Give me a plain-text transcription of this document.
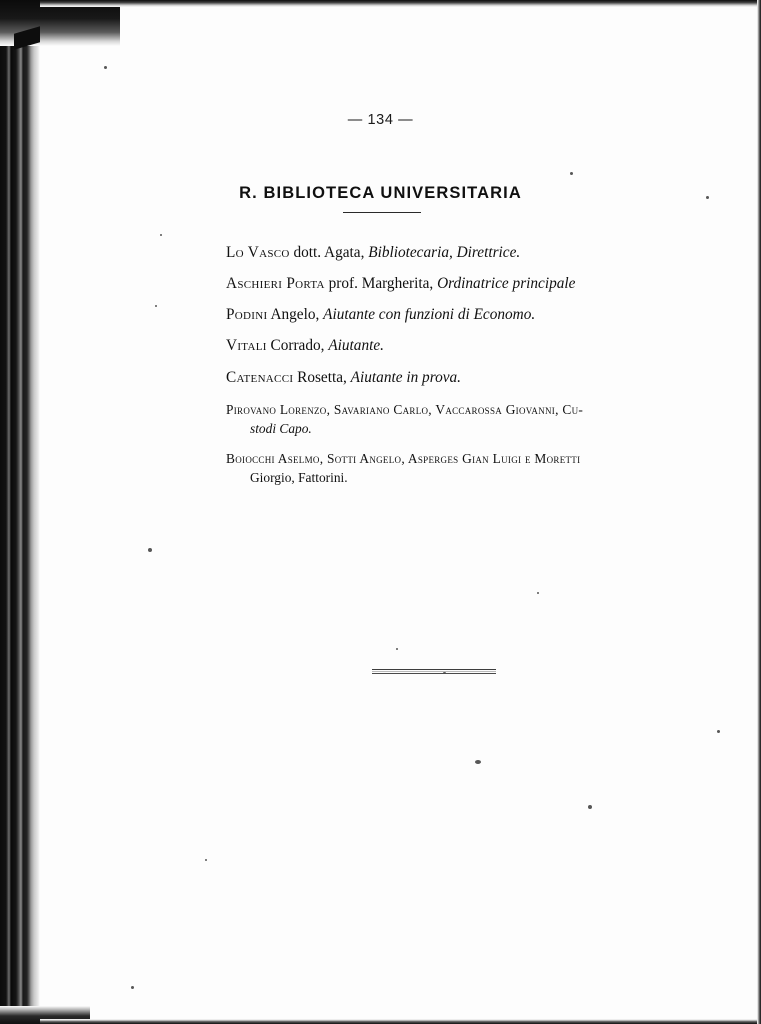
— 134 —
R. BIBLIOTECA UNIVERSITARIA
Lo Vasco dott. Agata, Bibliotecaria, Direttrice.
Aschieri Porta prof. Margherita, Ordinatrice principale
Podini Angelo, Aiutante con funzioni di Economo.
Vitali Corrado, Aiutante.
Catenacci Rosetta, Aiutante in prova.
Pirovano Lorenzo, Savariano Carlo, Vaccarossa Giovanni, Cu-
stodi Capo.
Boiocchi Aselmo, Sotti Angelo, Asperges Gian Luigi e Moretti
Giorgio, Fattorini.
